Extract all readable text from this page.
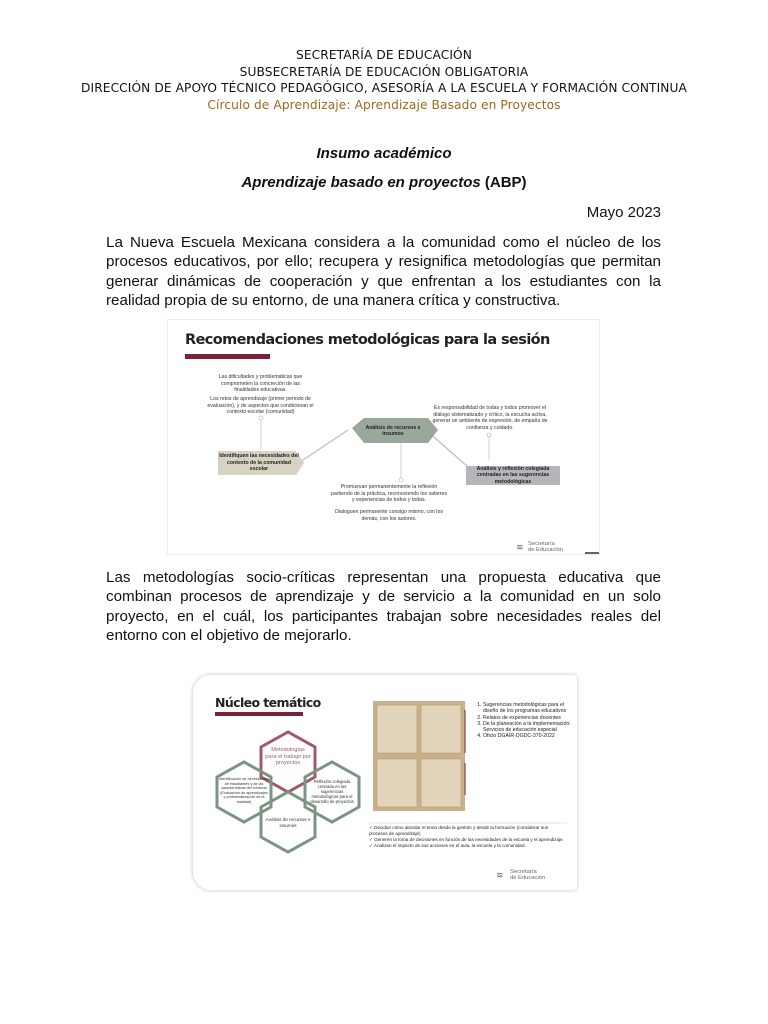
SECRETARÍA DE EDUCACIÓN
SUBSECRETARÍA DE EDUCACIÓN OBLIGATORIA
DIRECCIÓN DE APOYO TÉCNICO PEDAGÓGICO, ASESORÍA A LA ESCUELA Y FORMACIÓN CONTINUA
Círculo de Aprendizaje: Aprendizaje Basado en Proyectos
Insumo académico
Aprendizaje basado en proyectos (ABP)
Mayo 2023
La Nueva Escuela Mexicana considera a la comunidad como el núcleo de los procesos educativos, por ello; recupera y resignifica metodologías que permitan generar dinámicas de cooperación y que enfrentan a los estudiantes con la realidad propia de su entorno, de una manera crítica y constructiva.
Recomendaciones metodológicas para la sesión
Las dificultades y problemáticas que comprometen la concreción de las finalidades educativas.
Los retos de aprendizaje (primer periodo de evaluación), y de aspectos que condicionan el contexto escolar (comunidad)
Identifiquen las necesidades del contexto de la comunidad escolar
Análisis de recursos e insumos
Análisis y reflexión colegiada centradas en las sugerencias metodológicas
Es responsabilidad de todas y todos promover el diálogo sistematizado y crítico, la escucha activa, generar un ambiente de expresión, de empatía de confianza y cuidado.
Promuevan permanentemente la reflexión partiendo de la práctica, reconociendo los saberes y experiencias de todos y todas.
Dialoguen permanente consigo mismo, con los demás, con los autores.
≋ Secretaría
de Educación
Las metodologías socio-críticas representan una propuesta educativa que combinan procesos de aprendizaje y de servicio a la comunidad en un solo proyecto, en el cuál, los participantes trabajan sobre necesidades reales del entorno con el objetivo de mejorarlo.
Núcleo temático
Metodologías para el trabajo por proyectos
Identificación de necesidades de estudiantes y de las características del contexto (Evaluación de aprendizajes y problematización de la realidad)
Reflexión colegiada centrada en las sugerencias metodológicas para el desarrollo de proyectos
Análisis de recursos e insumos
1. Sugerencias metodológicas para el diseño de los programas educativos
2. Relatos de experiencias docentes
3. De la planeación a la implementación: Servicios de educación especial
4. Oficio DGAIR-DGDC-370-2022
✓ Decidan cómo abordar el tema desde la gestión y desde la formación (considerar sus procesos de aprendizaje)
✓ Generen la toma de decisiones en función de las necesidades de la escuela y el aprendizaje.
✓ Analizan el impacto de sus acciones en el aula, la escuela y la comunidad.
≋ Secretaría
de Educación
